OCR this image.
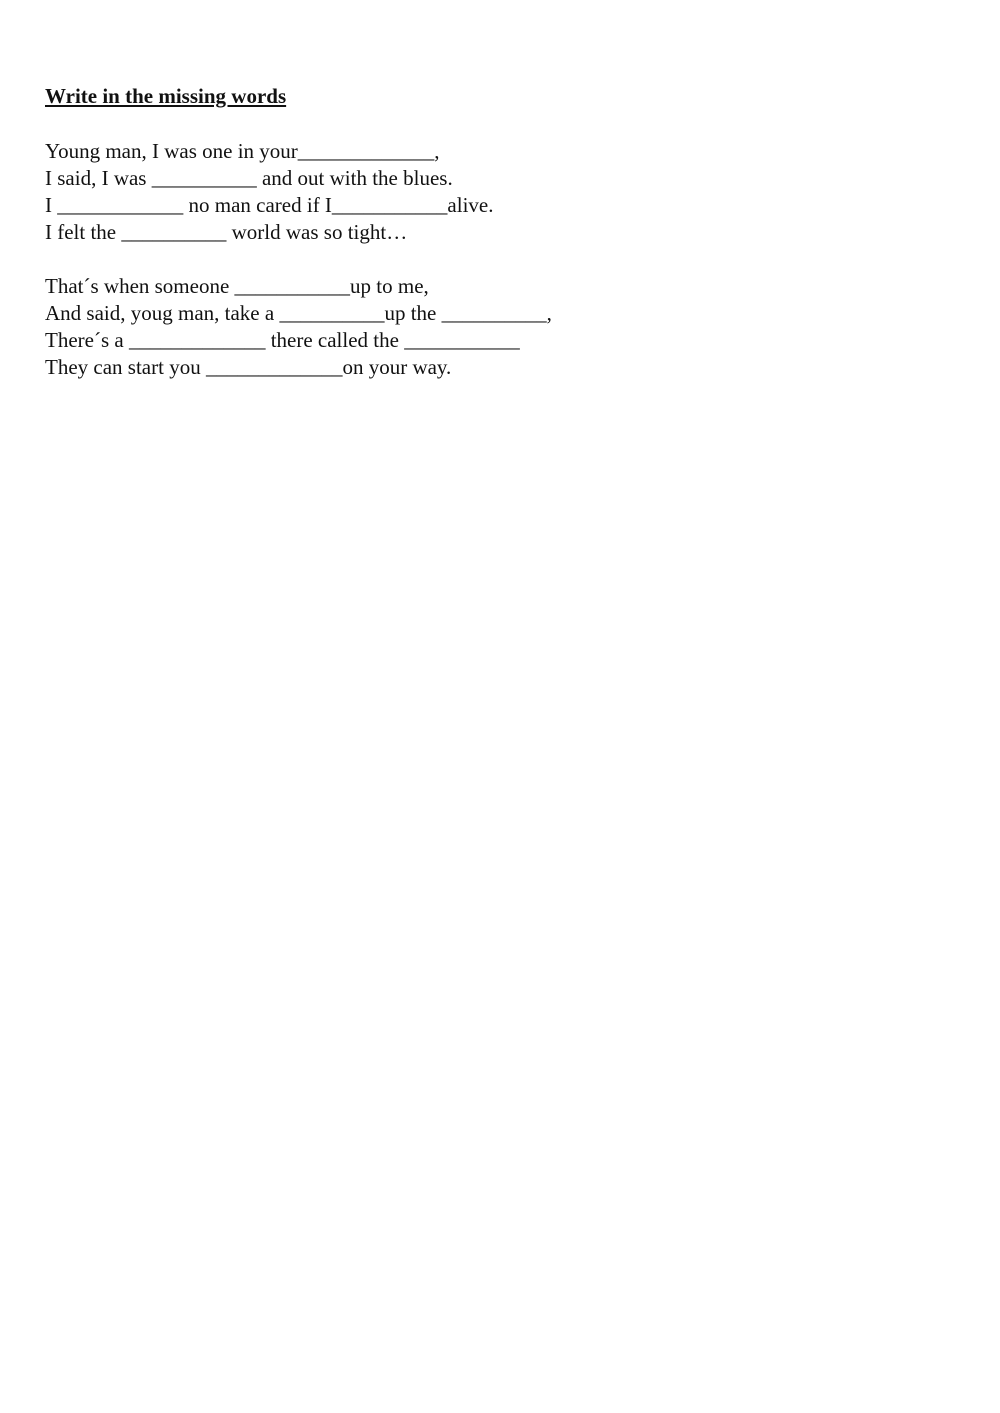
Write in the missing words
Young man, I was one in your_____________,
I said, I was __________ and out with the blues.
I ____________ no man cared if I___________alive.
I felt the __________ world was so tight…
That´s when someone ___________up to me,
And said, youg man, take a __________up the __________,
There´s a _____________ there called the ___________
They can start you _____________on your way.
